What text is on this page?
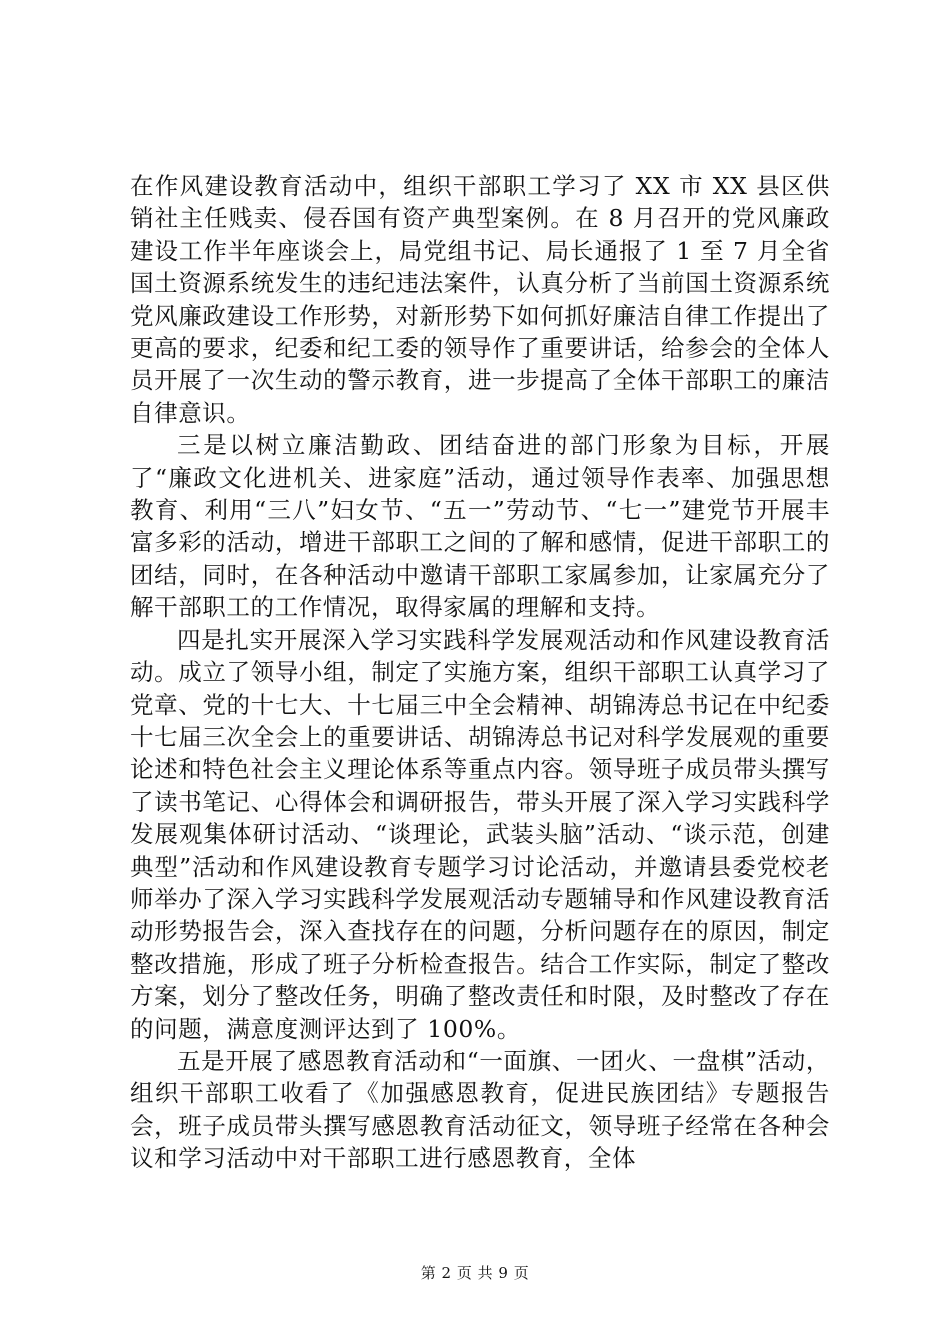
在作风建设教育活动中，组织干部职工学习了 XX 市 XX 县区供销社主任贱卖、侵吞国有资产典型案例。在 8 月召开的党风廉政建设工作半年座谈会上，局党组书记、局长通报了 1 至 7 月全省国土资源系统发生的违纪违法案件，认真分析了当前国土资源系统党风廉政建设工作形势，对新形势下如何抓好廉洁自律工作提出了更高的要求，纪委和纪工委的领导作了重要讲话，给参会的全体人员开展了一次生动的警示教育，进一步提高了全体干部职工的廉洁自律意识。

三是以树立廉洁勤政、团结奋进的部门形象为目标，开展了“廉政文化进机关、进家庭”活动，通过领导作表率、加强思想教育、利用“三八”妇女节、“五一”劳动节、“七一”建党节开展丰富多彩的活动，增进干部职工之间的了解和感情，促进干部职工的团结，同时，在各种活动中邀请干部职工家属参加，让家属充分了解干部职工的工作情况，取得家属的理解和支持。

四是扎实开展深入学习实践科学发展观活动和作风建设教育活动。成立了领导小组，制定了实施方案，组织干部职工认真学习了党章、党的十七大、十七届三中全会精神、胡锦涛总书记在中纪委十七届三次全会上的重要讲话、胡锦涛总书记对科学发展观的重要论述和特色社会主义理论体系等重点内容。领导班子成员带头撰写了读书笔记、心得体会和调研报告，带头开展了深入学习实践科学发展观集体研讨活动、“谈理论，武装头脑”活动、“谈示范，创建典型”活动和作风建设教育专题学习讨论活动，并邀请县委党校老师举办了深入学习实践科学发展观活动专题辅导和作风建设教育活动形势报告会，深入查找存在的问题，分析问题存在的原因，制定整改措施，形成了班子分析检查报告。结合工作实际，制定了整改方案，划分了整改任务，明确了整改责任和时限，及时整改了存在的问题，满意度测评达到了 100%。

五是开展了感恩教育活动和“一面旗、一团火、一盘棋”活动，组织干部职工收看了《加强感恩教育，促进民族团结》专题报告会，班子成员带头撰写感恩教育活动征文，领导班子经常在各种会议和学习活动中对干部职工进行感恩教育，全体

第 2 页 共 9 页
